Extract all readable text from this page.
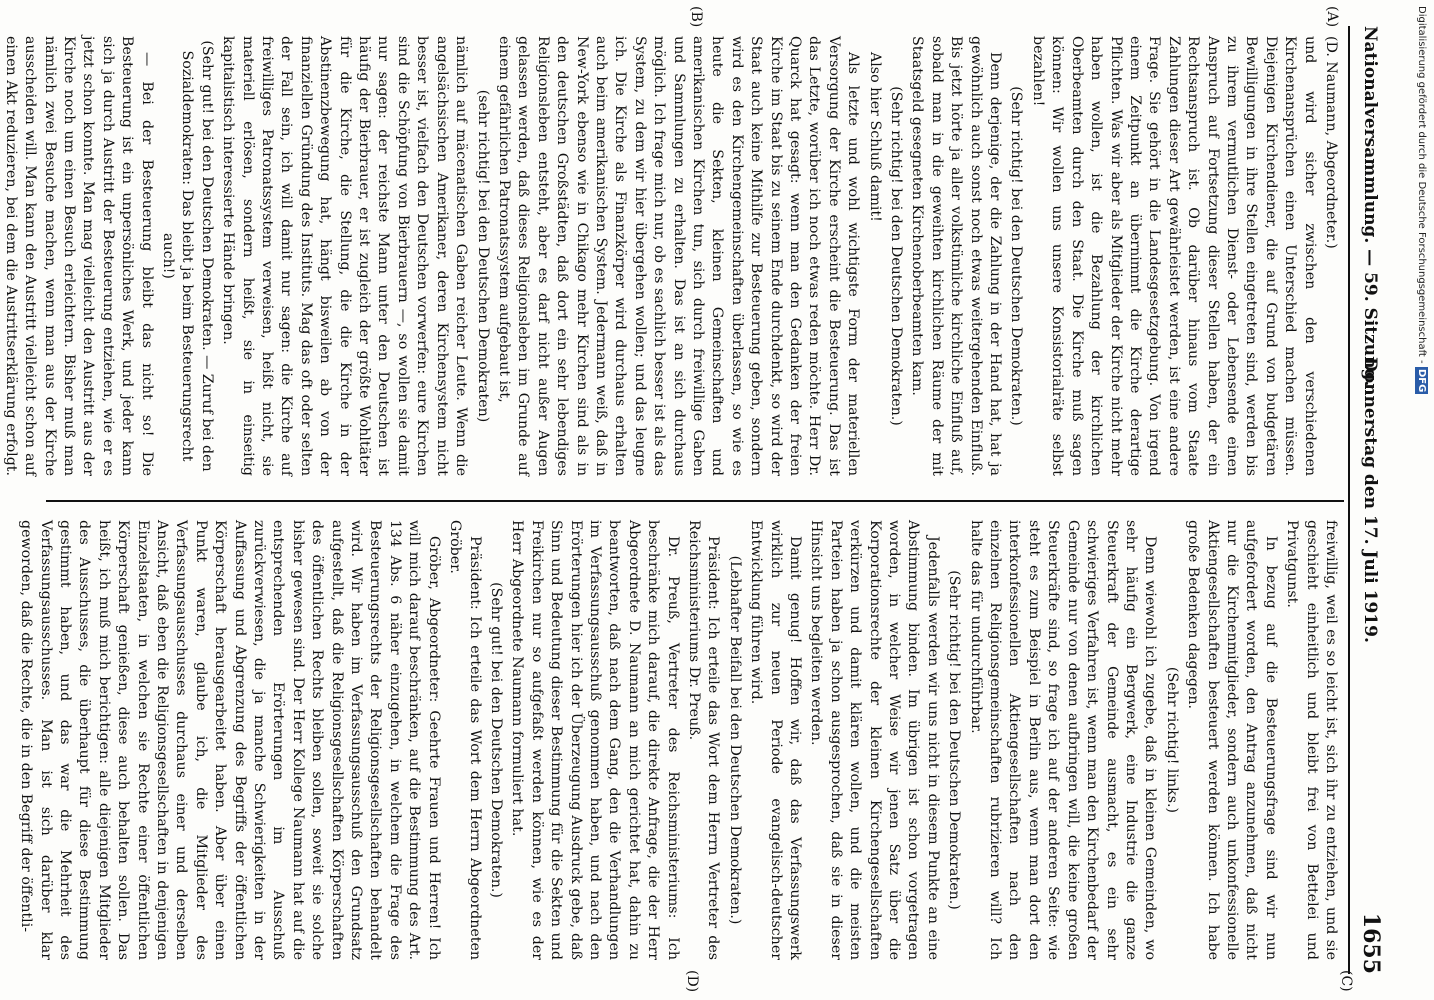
Nationalversammlung. — 59. Sitzung.
Donnerstag den 17. Juli 1919.
1655
(A)
(B)
(C)
(D)

(D. Naumann, Abgeordneter.)

und wird sicher zwischen den verschiedenen Kirchenansprüchen einen Unterschied machen müssen. Diejenigen Kirchendiener, die auf Grund von budgetären Bewilligungen in ihre Stellen eingetreten sind, werden bis zu ihrem vermutlichen Dienst- oder Lebensende einen Anspruch auf Fortsetzung dieser Stellen haben, der ein Rechtsanspruch ist. Ob darüber hinaus vom Staate Zahlungen dieser Art gewährleistet werden, ist eine andere Frage. Sie gehört in die Landesgesetzgebung. Von irgend einem Zeitpunkt an übernimmt die Kirche derartige Pflichten. Was wir aber als Mitglieder der Kirche nicht mehr haben wollen, ist die Bezahlung der kirchlichen Oberbeamten durch den Staat. Die Kirche muß sagen können: Wir wollen uns unsere Konsistorialräte selbst bezahlen!

(Sehr richtig! bei den Deutschen Demokraten.)

Denn derjenige, der die Zahlung in der Hand hat, hat ja gewöhnlich auch sonst noch etwas weitergehenden Einfluß. Bis jetzt hörte ja aller volkstümliche kirchliche Einfluß auf, sobald man in die geweihten kirchlichen Räume der mit Staatsgeld gesegneten Kirchenoberbeamten kam.

(Sehr richtig! bei den Deutschen Demokraten.)

Also hier Schluß damit!

Als letzte und wohl wichtigste Form der materiellen Versorgung der Kirche erscheint die Besteuerung. Das ist das Letzte, worüber ich noch etwas reden möchte. Herr Dr. Quarck hat gesagt: wenn man den Gedanken der freien Kirche im Staat bis zu seinem Ende durchdenkt, so wird der Staat auch keine Mithilfe zur Besteuerung geben, sondern wird es den Kirchengemeinschaften überlassen, so wie es heute die Sekten, kleinen Gemeinschaften und amerikanischen Kirchen tun, sich durch freiwillige Gaben und Sammlungen zu erhalten. Das ist an sich durchaus möglich. Ich frage mich nur, ob es sachlich besser ist als das System, zu dem wir hier übergehen wollen; und das leugne ich. Die Kirche als Finanzkörper wird durchaus erhalten auch beim amerikanischen System. Jedermann weiß, daß in New-York ebenso wie in Chikago mehr Kirchen sind als in den deutschen Großstädten, daß dort ein sehr lebendiges Religionsleben entsteht, aber es darf nicht außer Augen gelassen werden, daß dieses Religionsleben im Grunde auf einem gefährlichen Patronatssystem aufgebaut ist,

(sehr richtig! bei den Deutschen Demokraten)

nämlich auf mäcenatischen Gaben reicher Leute. Wenn die angelsächsischen Amerikaner, deren Kirchensystem nicht besser ist, vielfach den Deutschen vorwerfen: eure Kirchen sind die Schöpfung von Bierbrauern —, so wollen sie damit nur sagen: der reichste Mann unter den Deutschen ist häufig der Bierbrauer, er ist zugleich der größte Wohltäter für die Kirche, die Stellung, die die Kirche in der Abstinenzbewegung hat, hängt bisweilen ab von der finanziellen Gründung des Instituts. Mag das oft oder selten der Fall sein, ich will damit nur sagen: die Kirche auf freiwilliges Patronatssystem verweisen, heißt nicht, sie materiell erlösen, sondern heißt, sie in einseitig kapitalistisch interessierte Hände bringen.

(Sehr gut! bei den Deutschen Demokraten. — Zuruf bei den Sozialdemokraten: Das bleibt ja beim Besteuerungsrecht auch!)

— Bei der Besteuerung bleibt das nicht so! Die Besteuerung ist ein unpersönliches Werk, und jeder kann sich ja durch Austritt der Besteuerung entziehen, wie er es jetzt schon konnte. Man mag vielleicht den Austritt aus der Kirche noch um einen Besuch erleichtern. Bisher muß man nämlich zwei Besuche machen, wenn man aus der Kirche ausscheiden will. Man kann den Austritt vielleicht schon auf einen Akt reduzieren, bei dem die Austrittserklärung erfolgt.

freiwillig, weil es so leicht ist, sich ihr zu entziehen, und sie geschieht einheitlich und bleibt frei von Bettelei und Privatgunst.

In bezug auf die Besteuerungsfrage sind wir nun aufgefordert worden, den Antrag anzunehmen, daß nicht nur die Kirchenmitglieder, sondern auch unkonfessionelle Aktiengesellschaften besteuert werden können. Ich habe große Bedenken dagegen.

(Sehr richtig! links.)

Denn wiewohl ich zugebe, daß in kleinen Gemeinden, wo sehr häufig ein Bergwerk, eine Industrie die ganze Steuerkraft der Gemeinde ausmacht, es ein sehr schwieriges Verfahren ist, wenn man den Kirchenbedarf der Gemeinde nur von denen aufbringen will, die keine großen Steuerkräfte sind, so frage ich auf der anderen Seite: wie steht es zum Beispiel in Berlin aus, wenn man dort den interkonfessionellen Aktiengesellschaften nach den einzelnen Religionsgemeinschaften rubrizieren will? Ich halte das für undurchführbar.

(Sehr richtig! bei den Deutschen Demokraten.)

Jedenfalls werden wir uns nicht in diesem Punkte an eine Abstimmung binden. Im übrigen ist schon vorgetragen worden, in welcher Weise wir jenen Satz über die Korporationsrechte der kleinen Kirchengesellschaften verkürzen und damit klären wollen, und die meisten Parteien haben ja schon ausgesprochen, daß sie in dieser Hinsicht uns begleiten werden.

Damit genug! Hoffen wir, daß das Verfassungswerk wirklich zur neuen Periode evangelisch-deutscher Entwicklung führen wird.

(Lebhafter Beifall bei den Deutschen Demokraten.)

Präsident: Ich erteile das Wort dem Herrn Vertreter des Reichsministeriums Dr. Preuß.

Dr. Preuß, Vertreter des Reichsministeriums: Ich beschränke mich darauf, die direkte Anfrage, die der Herr Abgeordnete D. Naumann an mich gerichtet hat, dahin zu beantworten, daß nach dem Gang, den die Verhandlungen im Verfassungsausschuß genommen haben, und nach den Erörterungen hier ich der Überzeugung Ausdruck gebe, daß Sinn und Bedeutung dieser Bestimmung für die Sekten und Freikirchen nur so aufgefaßt werden können, wie es der Herr Abgeordnete Naumann formuliert hat.

(Sehr gut! bei den Deutschen Demokraten.)

Präsident: Ich erteile das Wort dem Herrn Abgeordneten Gröber.

Gröber, Abgeordneter: Geehrte Frauen und Herren! Ich will mich darauf beschränken, auf die Bestimmung des Art. 134 Abs. 6 näher einzugehen, in welchem die Frage des Besteuerungsrechts der Religionsgesellschaften behandelt wird. Wir haben im Verfassungsausschuß den Grundsatz aufgestellt, daß die Religionsgesellschaften Körperschaften des öffentlichen Rechts bleiben sollen, soweit sie solche bisher gewesen sind. Der Herr Kollege Naumann hat auf die entsprechenden Erörterungen im Ausschuß zurückverwiesen, die ja manche Schwierigkeiten in der Auffassung und Abgrenzung des Begriffs der öffentlichen Körperschaft herausgearbeitet haben. Aber über einen Punkt waren, glaube ich, die Mitglieder des Verfassungsausschusses durchaus einer und derselben Ansicht, daß eben die Religionsgesellschaften in denjenigen Einzelstaaten, in welchen sie Rechte einer öffentlichen Körperschaft genießen, diese auch behalten sollen. Das heißt, ich muß mich berichtigen: alle diejenigen Mitglieder des Ausschusses, die überhaupt für diese Bestimmung gestimmt haben, und das war die Mehrheit des Verfassungsausschusses. Man ist sich darüber klar geworden, daß die Rechte, die in den Begriff der öffentli-

Digitalisierung gefördert durch die Deutsche Forschungsgemeinschaft - DFG
